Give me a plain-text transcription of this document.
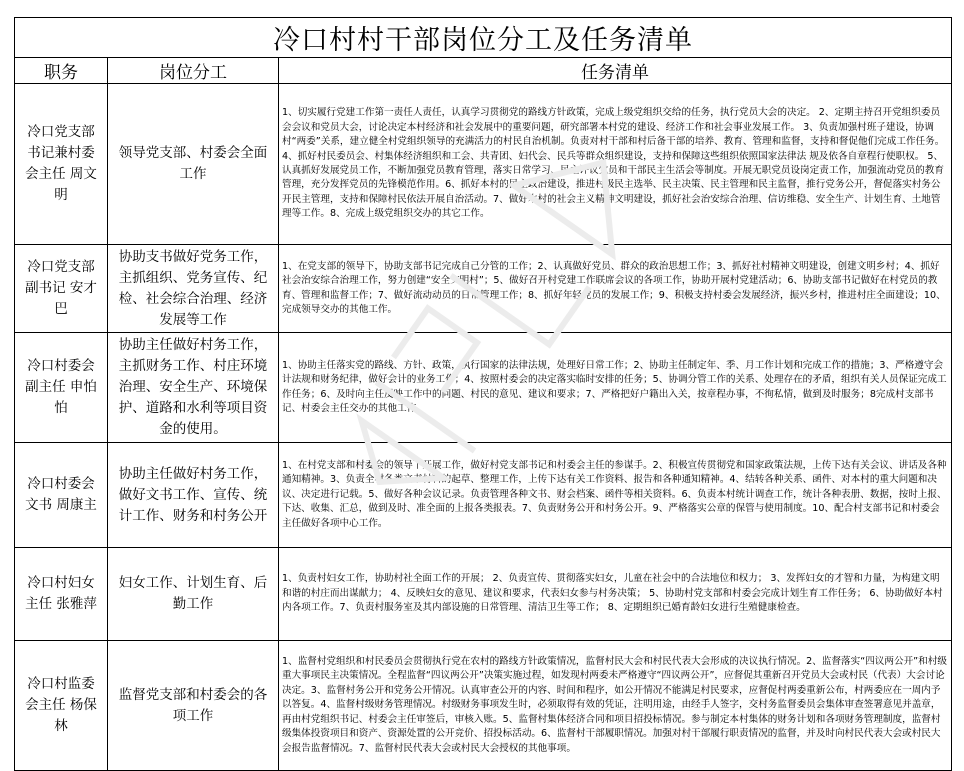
冷口村村干部岗位分工及任务清单		
职务	岗位分工	任务清单
冷口党支部书记兼村委会主任 周文明	领导党支部、村委会全面工作	1、切实履行党建工作第一责任人责任，认真学习贯彻党的路线方针政策，完成上级党组织交给的任务，执行党员大会的决定。 2、定期主持召开党组织委员会会议和党员大会，讨论决定本村经济和社会发展中的重要问题，研究部署本村党的建设、经济工作和社会事业发展工作。 3、负责加强村班子建设，协调村“两委”关系，建立健全村党组织领导的充满活力的村民自治机制。负责对村干部和村后备干部的培养、教育、管理和监督，支持和督促他们完成工作任务。 4、抓好村民委员会、村集体经济组织和工会、共青团、妇代会、民兵等群众组织建设，支持和保障这些组织依照国家法律法 规及依各自章程行使职权。 5、认真抓好发展党员工作，不断加强党员教育管理，落实日常学习、民主评议党员和干部民主生活会等制度。开展无职党员设岗定责工作，加强流动党员的教育管理，充分发挥党员的先锋模范作用。6、抓好本村的民主政治建设，推进村级民主选举、民主决策、民主管理和民主监督，推行党务公开，督促落实村务公开民主管理，支持和保障村民依法开展自治活动。7、做好本村的社会主义精神文明建设，抓好社会治安综合治理、信访维稳、安全生产、计划生育、土地管理等工作。8、完成上级党组织交办的其它工作。
冷口党支部副书记 安才巴	协助支书做好党务工作，主抓组织、党务宣传、纪检、社会综合治理、经济发展等工作	1、在党支部的领导下，协助支部书记完成自己分管的工作；2、认真做好党员、群众的政治思想工作；3、抓好社村精神文明建设，创建文明乡村；4、抓好社会治安综合治理工作，努力创建“安全文明村”；5、做好召开村党建工作联席会议的各项工作，协助开展村党建活动；6、协助支部书记做好在村党员的教育、管理和监督工作；7、做好流动动员的日常管理工作；8、抓好年轻党员的发展工作；9、积极支持村委会发展经济，振兴乡村，推进村庄全面建设；10、完成领导交办的其他工作。
冷口村委会副主任 申怕怕	协助主任做好村务工作，主抓财务工作、村庄环境治理、安全生产、环境保护、道路和水利等项目资金的使用。	1、协助主任落实党的路线、方针、政策，执行国家的法律法规，处理好日常工作；2、协助主任制定年、季、月工作计划和完成工作的措施；3、严格遵守会计法规和财务纪律，做好会计的业务工作；4、按照村委会的决定落实临时安排的任务；5、协调分管工作的关系、处理存在的矛盾，组织有关人员保证完成工作任务；6、及时向主任反映工作中的问题、村民的意见、建议和要求；7、严格把好户籍出入关，按章程办事，不徇私情，做到及时服务；8完成村支部书记、村委会主任交办的其他工作。
冷口村委会文书 周康主	协助主任做好村务工作，做好文书工作、宣传、统计工作、财务和村务公开	1、在村党支部和村委会的领导下开展工作，做好村党支部书记和村委会主任的参谋手。2、积极宣传贯彻党和国家政策法规，上传下达有关会议、讲话及各种通知精神。3、负责全村各类文书材料的起草、整理工作，上传下达有关工作资料、报告和各种通知精神。4、结转各种关系、函件、对本村的重大问题和决议、决定进行记载。5、做好各种会议记录。负责管理各种文书、财会档案、函件等相关资料。6、负责本村统计调查工作，统计各种表册、数据，按时上报、下达、收集、汇总，做到及时、准全面的上报各类报表。7、负责财务公开和村务公开。9、严格落实公章的保管与使用制度。10、配合村支部书记和村委会主任做好各项中心工作。
冷口村妇女主任 张雅萍	妇女工作、计划生育、后勤工作	1、负责村妇女工作，协助村社全面工作的开展； 2、负责宣传、贯彻落实妇女，儿童在社会中的合法地位和权力； 3、发挥妇女的才智和力量，为构建文明和谐的村庄而出谋献力； 4、反映妇女的意见、建议和要求，代表妇女参与村务决策； 5、协助村党支部和村委会完成计划生育工作任务； 6、协助做好本村内各项工作。7、负责村服务室及其内部设施的日常管理、清洁卫生等工作； 8、定期组织已婚育龄妇女进行生殖健康检查。
冷口村监委会主任 杨保林	监督党支部和村委会的各项工作	1、监督村党组织和村民委员会贯彻执行党在农村的路线方针政策情况，监督村民大会和村民代表大会形成的决议执行情况。2、监督落实“四议两公开”和村级重大事项民主决策情况。全程监督“四议两公开”决策实施过程，如发现村两委未严格遵守“四议两公开”，应督促其重新召开党员大会或村民（代表）大会讨论决定。3、监督村务公开和党务公开情况。认真审查公开的内容、时间和程序，如公开情况不能满足村民要求，应督促村两委重新公布，村两委应在一周内予以答复。4、监督村级财务管理情况。村级财务事项发生时，必须取得有效的凭证，注明用途，由经手人签字，交村务监督委员会集体审查签署意见并盖章，再由村党组织书记、村委会主任审签后，审核入账。5、监督村集体经济合同和项目招投标情况。参与制定本村集体的财务计划和各项财务管理制度，监督村级集体投资项目和资产、资源处置的公开竞价、招投标活动。6、监督村干部履职情况。加强对村干部履行职责情况的监督，并及时向村民代表大会或村民大会报告监督情况。7、监督村民代表大会或村民大会授权的其他事项。
